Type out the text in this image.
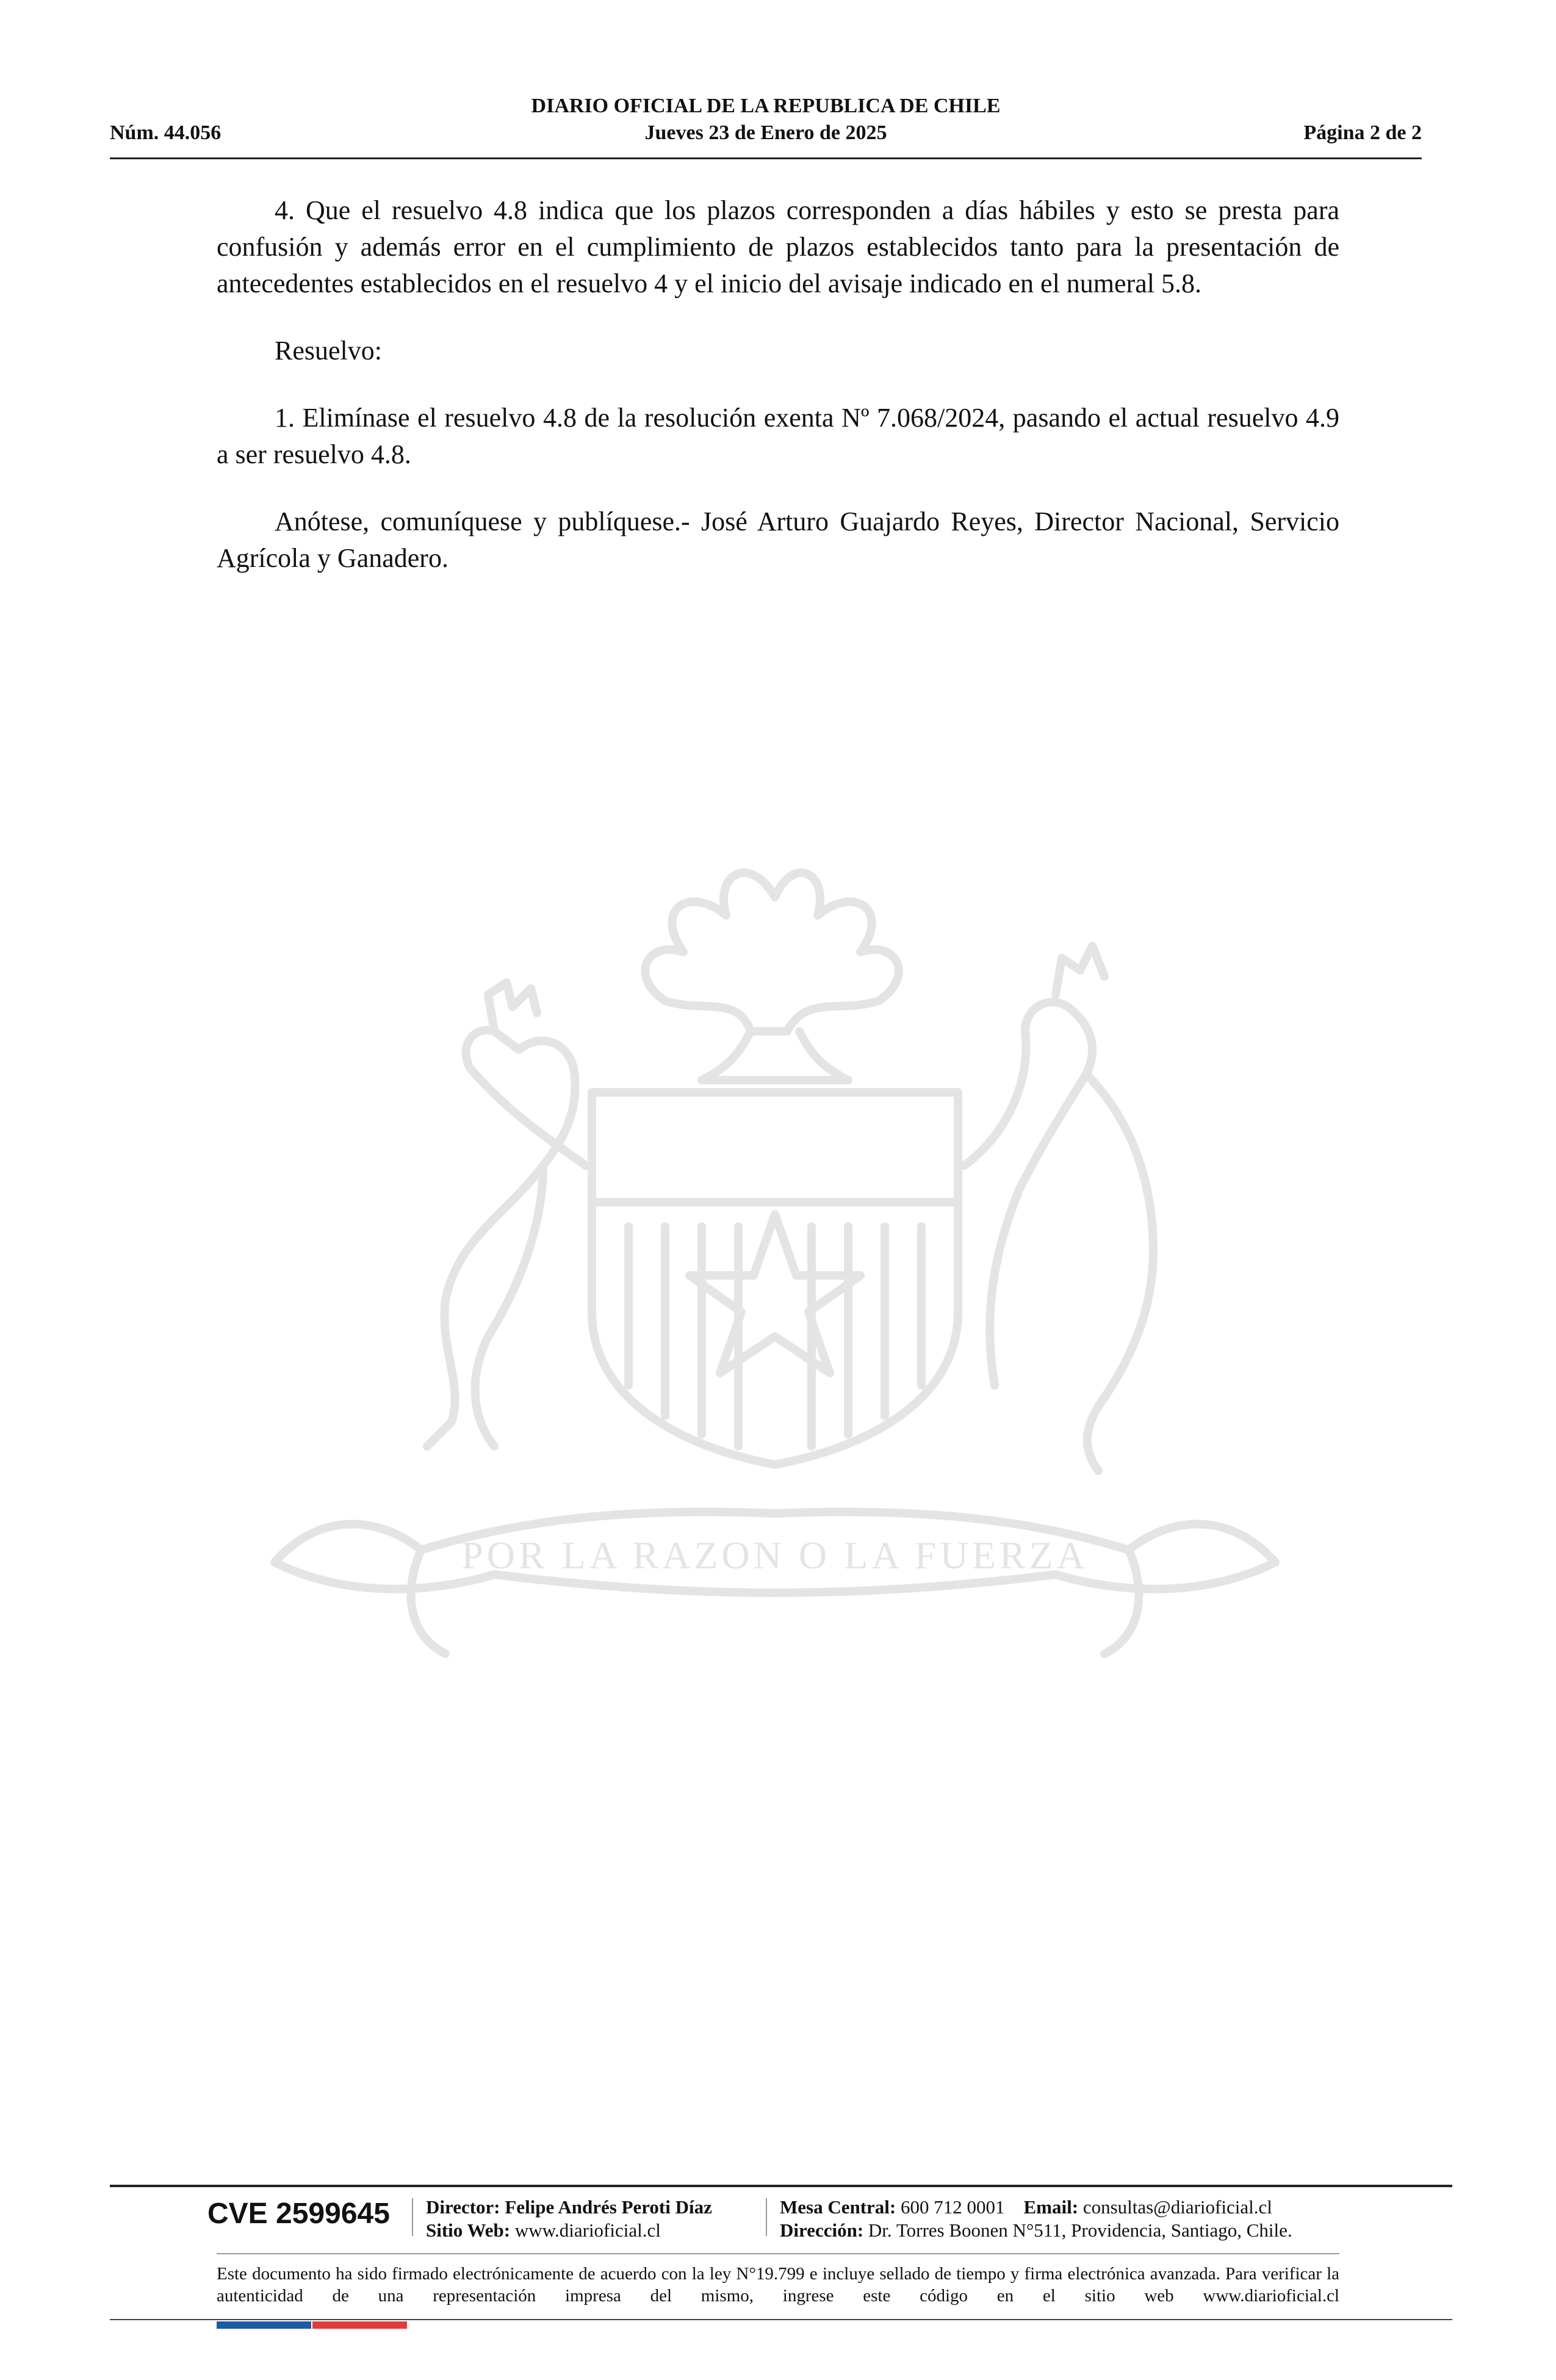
DIARIO OFICIAL DE LA REPUBLICA DE CHILE
Núm. 44.056	Jueves 23 de Enero de 2025	Página 2 de 2

4. Que el resuelvo 4.8 indica que los plazos corresponden a días hábiles y esto se presta para confusión y además error en el cumplimiento de plazos establecidos tanto para la presentación de antecedentes establecidos en el resuelvo 4 y el inicio del avisaje indicado en el numeral 5.8.

Resuelvo:

1. Elimínase el resuelvo 4.8 de la resolución exenta Nº 7.068/2024, pasando el actual resuelvo 4.9 a ser resuelvo 4.8.

Anótese, comuníquese y publíquese.- José Arturo Guajardo Reyes, Director Nacional, Servicio Agrícola y Ganadero.

POR LA RAZON O LA FUERZA
CVE 2599645 Director: Felipe Andrés Peroti Díaz
Sitio Web: www.diarioficial.cl
Mesa Central: 600 712 0001 Email: consultas@diarioficial.cl
Dirección: Dr. Torres Boonen N°511, Providencia, Santiago, Chile.
Este documento ha sido firmado electrónicamente de acuerdo con la ley N°19.799 e incluye sellado de tiempo y firma electrónica avanzada. Para verificar la autenticidad de una representación impresa del mismo, ingrese este código en el sitio web www.diarioficial.cl
